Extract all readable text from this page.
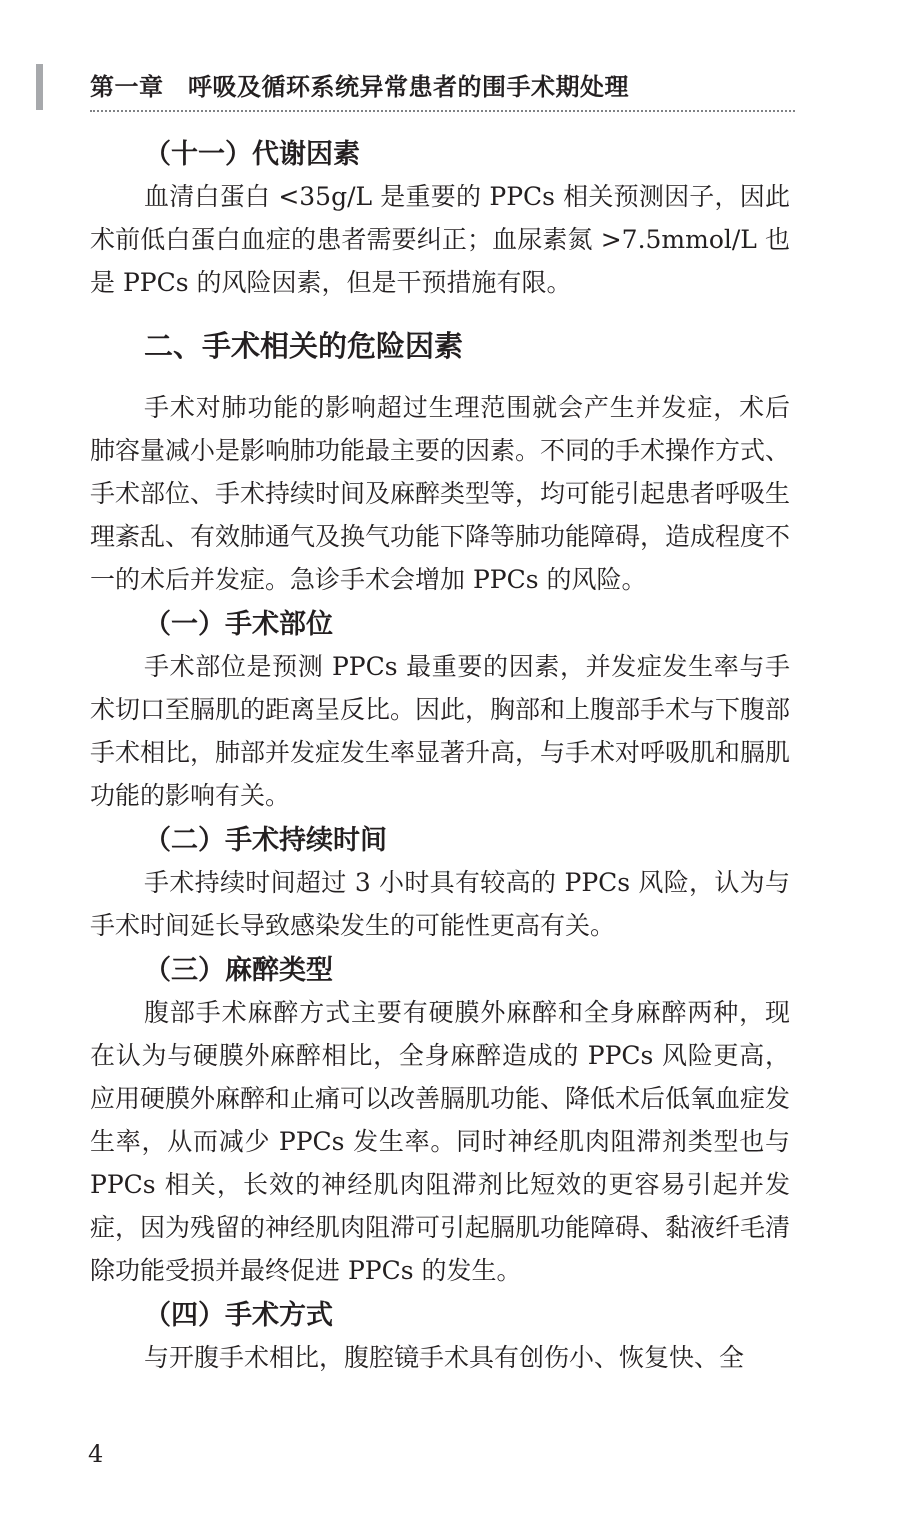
第一章　呼吸及循环系统异常患者的围手术期处理
（十一）代谢因素

血清白蛋白 <35g/L 是重要的 PPCs 相关预测因子，因此术前低白蛋白血症的患者需要纠正；血尿素氮 >7.5mmol/L 也是 PPCs 的风险因素，但是干预措施有限。

二、手术相关的危险因素

手术对肺功能的影响超过生理范围就会产生并发症，术后肺容量减小是影响肺功能最主要的因素。不同的手术操作方式、手术部位、手术持续时间及麻醉类型等，均可能引起患者呼吸生理紊乱、有效肺通气及换气功能下降等肺功能障碍，造成程度不一的术后并发症。急诊手术会增加 PPCs 的风险。

（一）手术部位

手术部位是预测 PPCs 最重要的因素，并发症发生率与手术切口至膈肌的距离呈反比。因此，胸部和上腹部手术与下腹部手术相比，肺部并发症发生率显著升高，与手术对呼吸肌和膈肌功能的影响有关。

（二）手术持续时间

手术持续时间超过 3 小时具有较高的 PPCs 风险，认为与手术时间延长导致感染发生的可能性更高有关。

（三）麻醉类型

腹部手术麻醉方式主要有硬膜外麻醉和全身麻醉两种，现在认为与硬膜外麻醉相比，全身麻醉造成的 PPCs 风险更高，应用硬膜外麻醉和止痛可以改善膈肌功能、降低术后低氧血症发生率，从而减少 PPCs 发生率。同时神经肌肉阻滞剂类型也与 PPCs 相关，长效的神经肌肉阻滞剂比短效的更容易引起并发症，因为残留的神经肌肉阻滞可引起膈肌功能障碍、黏液纤毛清除功能受损并最终促进 PPCs 的发生。

（四）手术方式

与开腹手术相比，腹腔镜手术具有创伤小、恢复快、全

4
